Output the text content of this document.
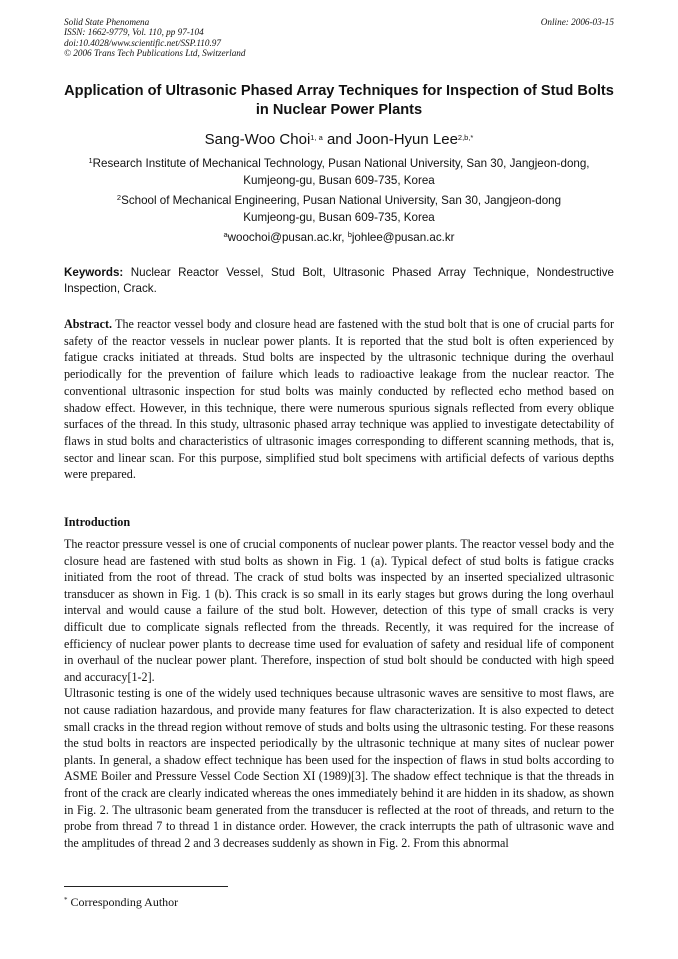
Solid State Phenomena
ISSN: 1662-9779, Vol. 110, pp 97-104
doi:10.4028/www.scientific.net/SSP.110.97
© 2006 Trans Tech Publications Ltd, Switzerland
Online: 2006-03-15
Application of Ultrasonic Phased Array Techniques for Inspection of Stud Bolts in Nuclear Power Plants
Sang-Woo Choi$^{1, a}$ and Joon-Hyun Lee$^{2,b,*}$
$^1$Research Institute of Mechanical Technology, Pusan National University, San 30, Jangjeon-dong,
Kumjeong-gu, Busan 609-735, Korea
$^2$School of Mechanical Engineering, Pusan National University, San 30, Jangjeon-dong
Kumjeong-gu, Busan 609-735, Korea
$^a$woochoi@pusan.ac.kr, $^b$johlee@pusan.ac.kr
Keywords: Nuclear Reactor Vessel, Stud Bolt, Ultrasonic Phased Array Technique, Nondestructive Inspection, Crack.
Abstract. The reactor vessel body and closure head are fastened with the stud bolt that is one of crucial parts for safety of the reactor vessels in nuclear power plants. It is reported that the stud bolt is often experienced by fatigue cracks initiated at threads. Stud bolts are inspected by the ultrasonic technique during the overhaul periodically for the prevention of failure which leads to radioactive leakage from the nuclear reactor. The conventional ultrasonic inspection for stud bolts was mainly conducted by reflected echo method based on shadow effect. However, in this technique, there were numerous spurious signals reflected from every oblique surfaces of the thread. In this study, ultrasonic phased array technique was applied to investigate detectability of flaws in stud bolts and characteristics of ultrasonic images corresponding to different scanning methods, that is, sector and linear scan. For this purpose, simplified stud bolt specimens with artificial defects of various depths were prepared.
Introduction

The reactor pressure vessel is one of crucial components of nuclear power plants. The reactor vessel body and the closure head are fastened with stud bolts as shown in Fig. 1 (a). Typical defect of stud bolts is fatigue cracks initiated from the root of thread. The crack of stud bolts was inspected by an inserted specialized ultrasonic transducer as shown in Fig. 1 (b). This crack is so small in its early stages but grows during the long overhaul interval and would cause a failure of the stud bolt. However, detection of this type of small cracks is very difficult due to complicate signals reflected from the threads. Recently, it was required for the increase of efficiency of nuclear power plants to decrease time used for evaluation of safety and residual life of component in overhaul of the nuclear power plant. Therefore, inspection of stud bolt should be conducted with high speed and accuracy[1-2].

Ultrasonic testing is one of the widely used techniques because ultrasonic waves are sensitive to most flaws, are not cause radiation hazardous, and provide many features for flaw characterization. It is also expected to detect small cracks in the thread region without remove of studs and bolts using the ultrasonic testing. For these reasons the stud bolts in reactors are inspected periodically by the ultrasonic technique at many sites of nuclear power plants. In general, a shadow effect technique has been used for the inspection of flaws in stud bolts according to ASME Boiler and Pressure Vessel Code Section XI (1989)[3]. The shadow effect technique is that the threads in front of the crack are clearly indicated whereas the ones immediately behind it are hidden in its shadow, as shown in Fig. 2. The ultrasonic beam generated from the transducer is reflected at the root of threads, and return to the probe from thread 7 to thread 1 in distance order. However, the crack interrupts the path of ultrasonic wave and the amplitudes of thread 2 and 3 decreases suddenly as shown in Fig. 2. From this abnormal

* Corresponding Author
